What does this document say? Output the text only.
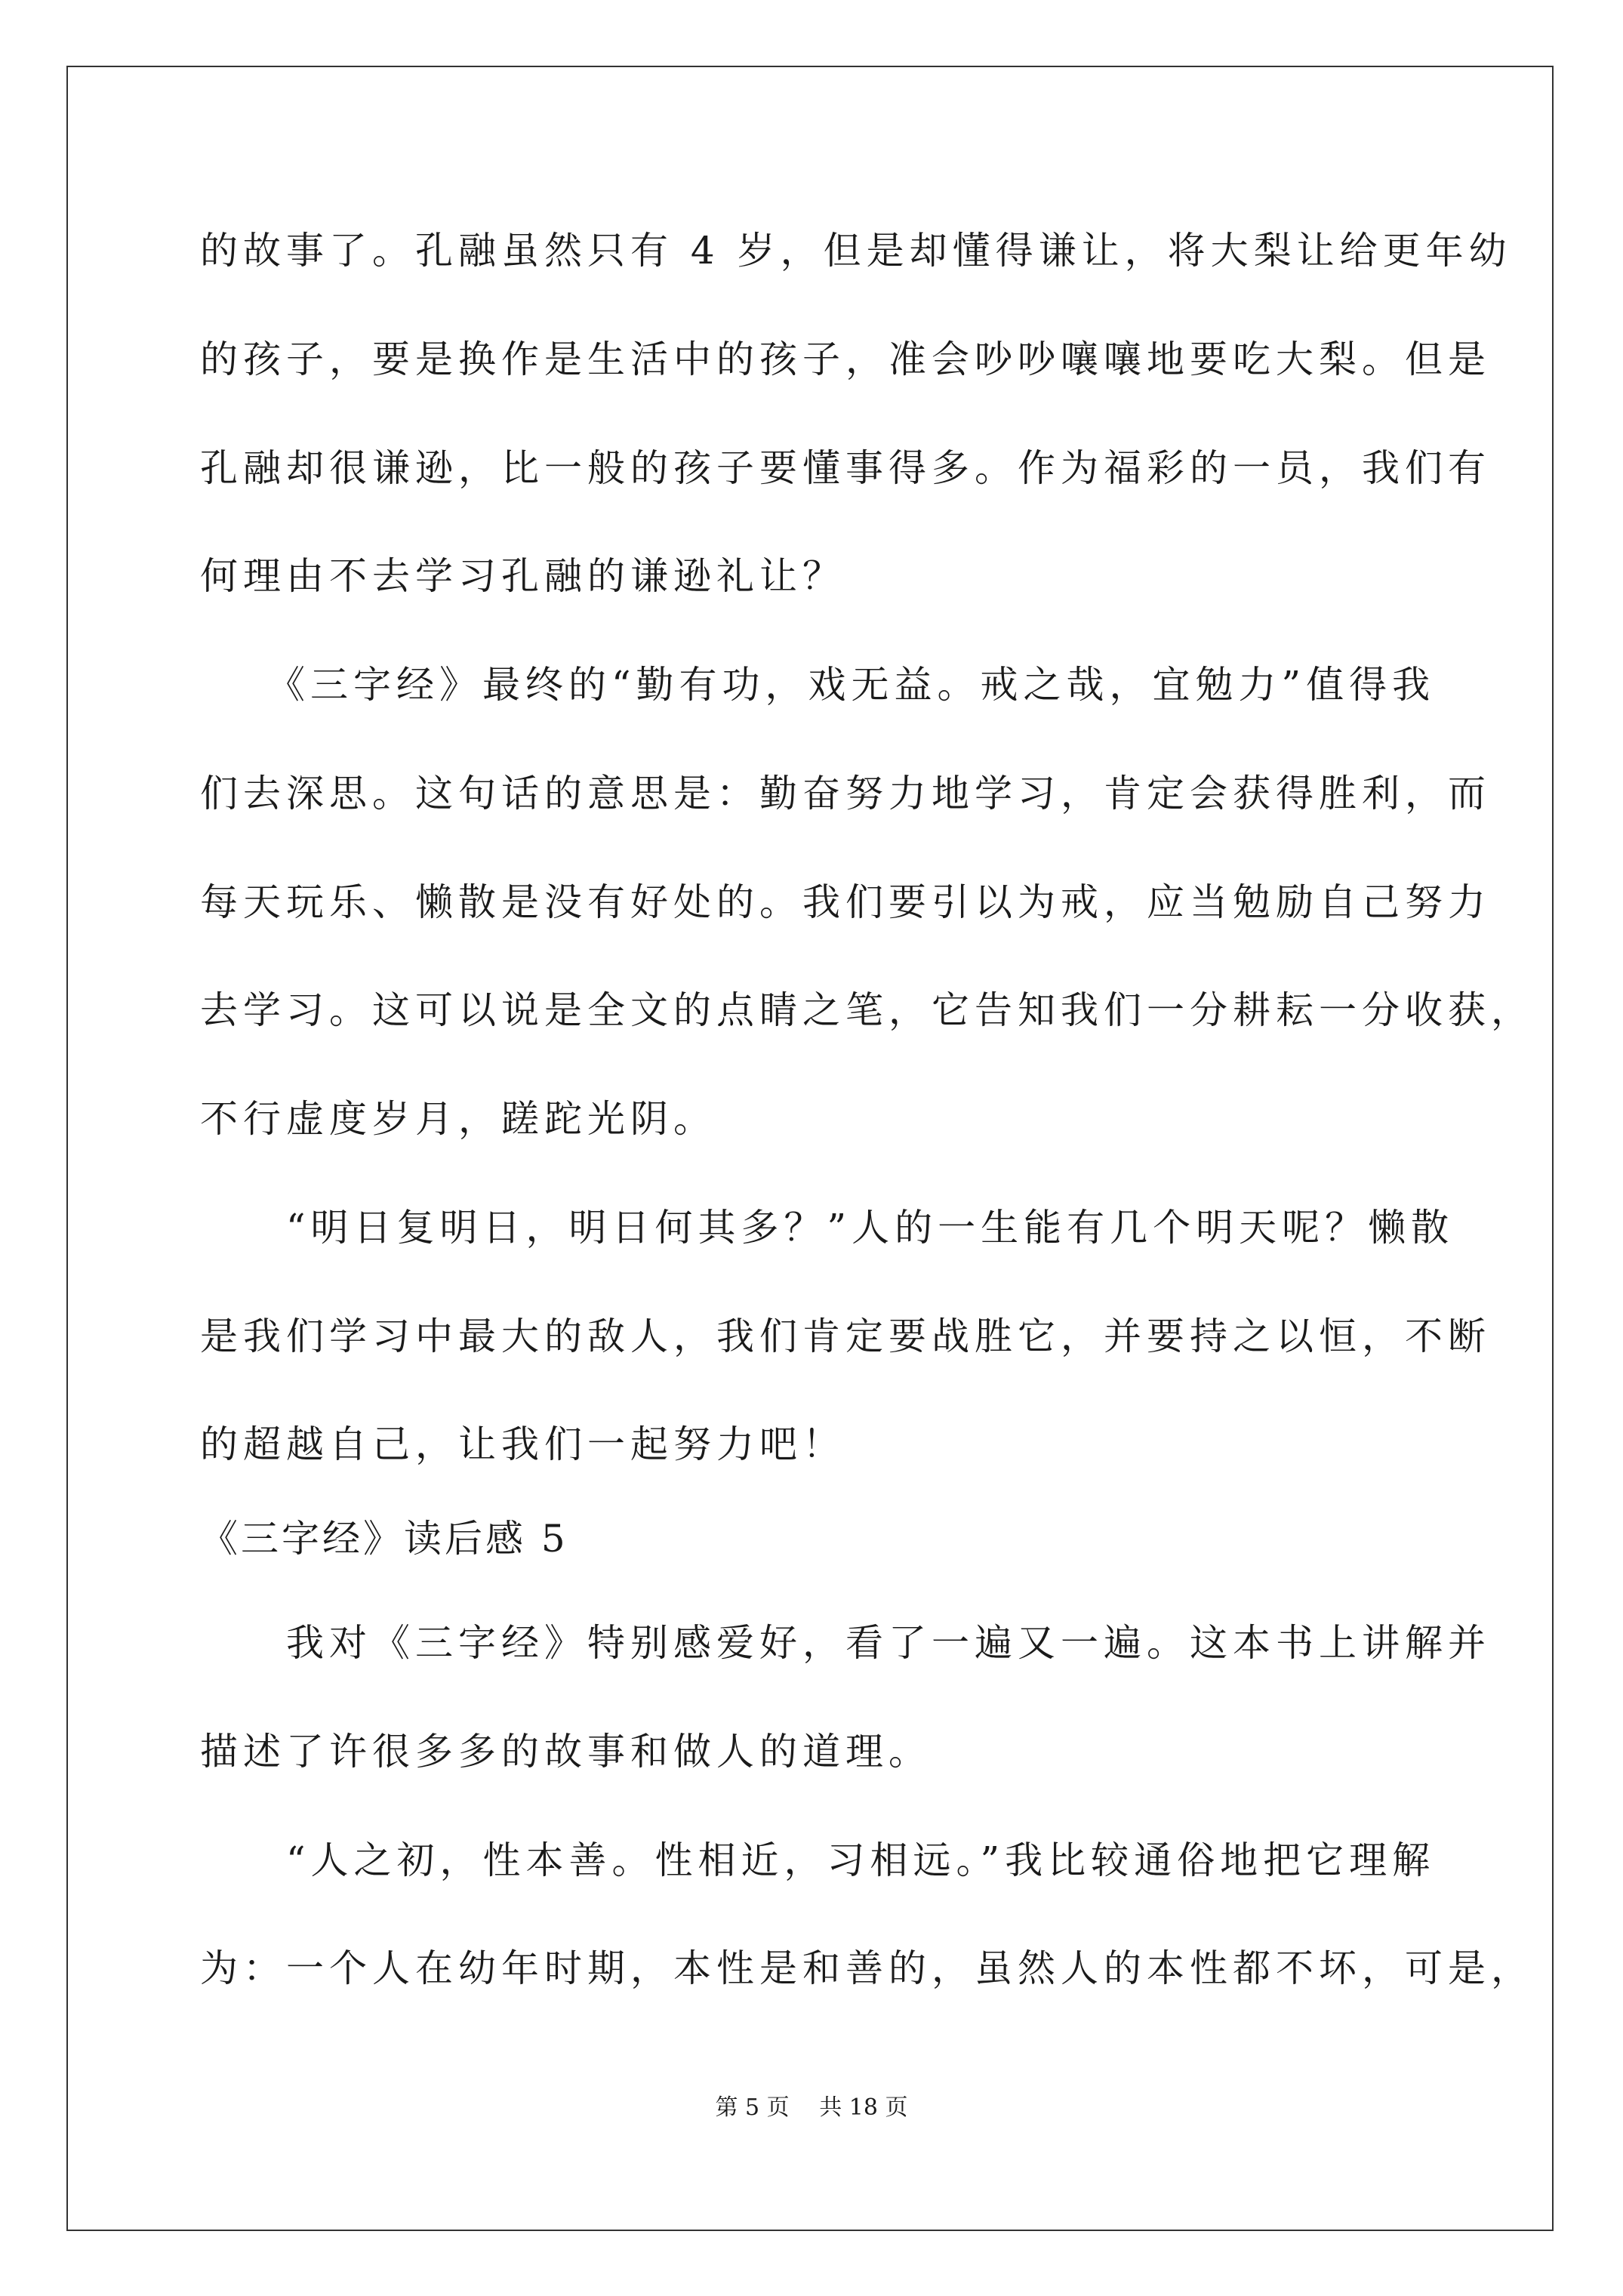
的故事了。孔融虽然只有 4 岁，但是却懂得谦让，将大梨让给更年幼
的孩子，要是换作是生活中的孩子，准会吵吵嚷嚷地要吃大梨。但是
孔融却很谦逊，比一般的孩子要懂事得多。作为福彩的一员，我们有
何理由不去学习孔融的谦逊礼让？
　　《三字经》最终的“勤有功，戏无益。戒之哉，宜勉力”值得我
们去深思。这句话的意思是：勤奋努力地学习，肯定会获得胜利，而
每天玩乐、懒散是没有好处的。我们要引以为戒，应当勉励自己努力
去学习。这可以说是全文的点睛之笔，它告知我们一分耕耘一分收获，
不行虚度岁月，蹉跎光阴。
　　“明日复明日，明日何其多？”人的一生能有几个明天呢？懒散
是我们学习中最大的敌人，我们肯定要战胜它，并要持之以恒，不断
的超越自己，让我们一起努力吧！
《三字经》读后感 5
　　我对《三字经》特别感爱好，看了一遍又一遍。这本书上讲解并
描述了许很多多的故事和做人的道理。
　　“人之初，性本善。性相近，习相远。”我比较通俗地把它理解
为：一个人在幼年时期，本性是和善的，虽然人的本性都不坏，可是，
第 5 页　 共 18 页
